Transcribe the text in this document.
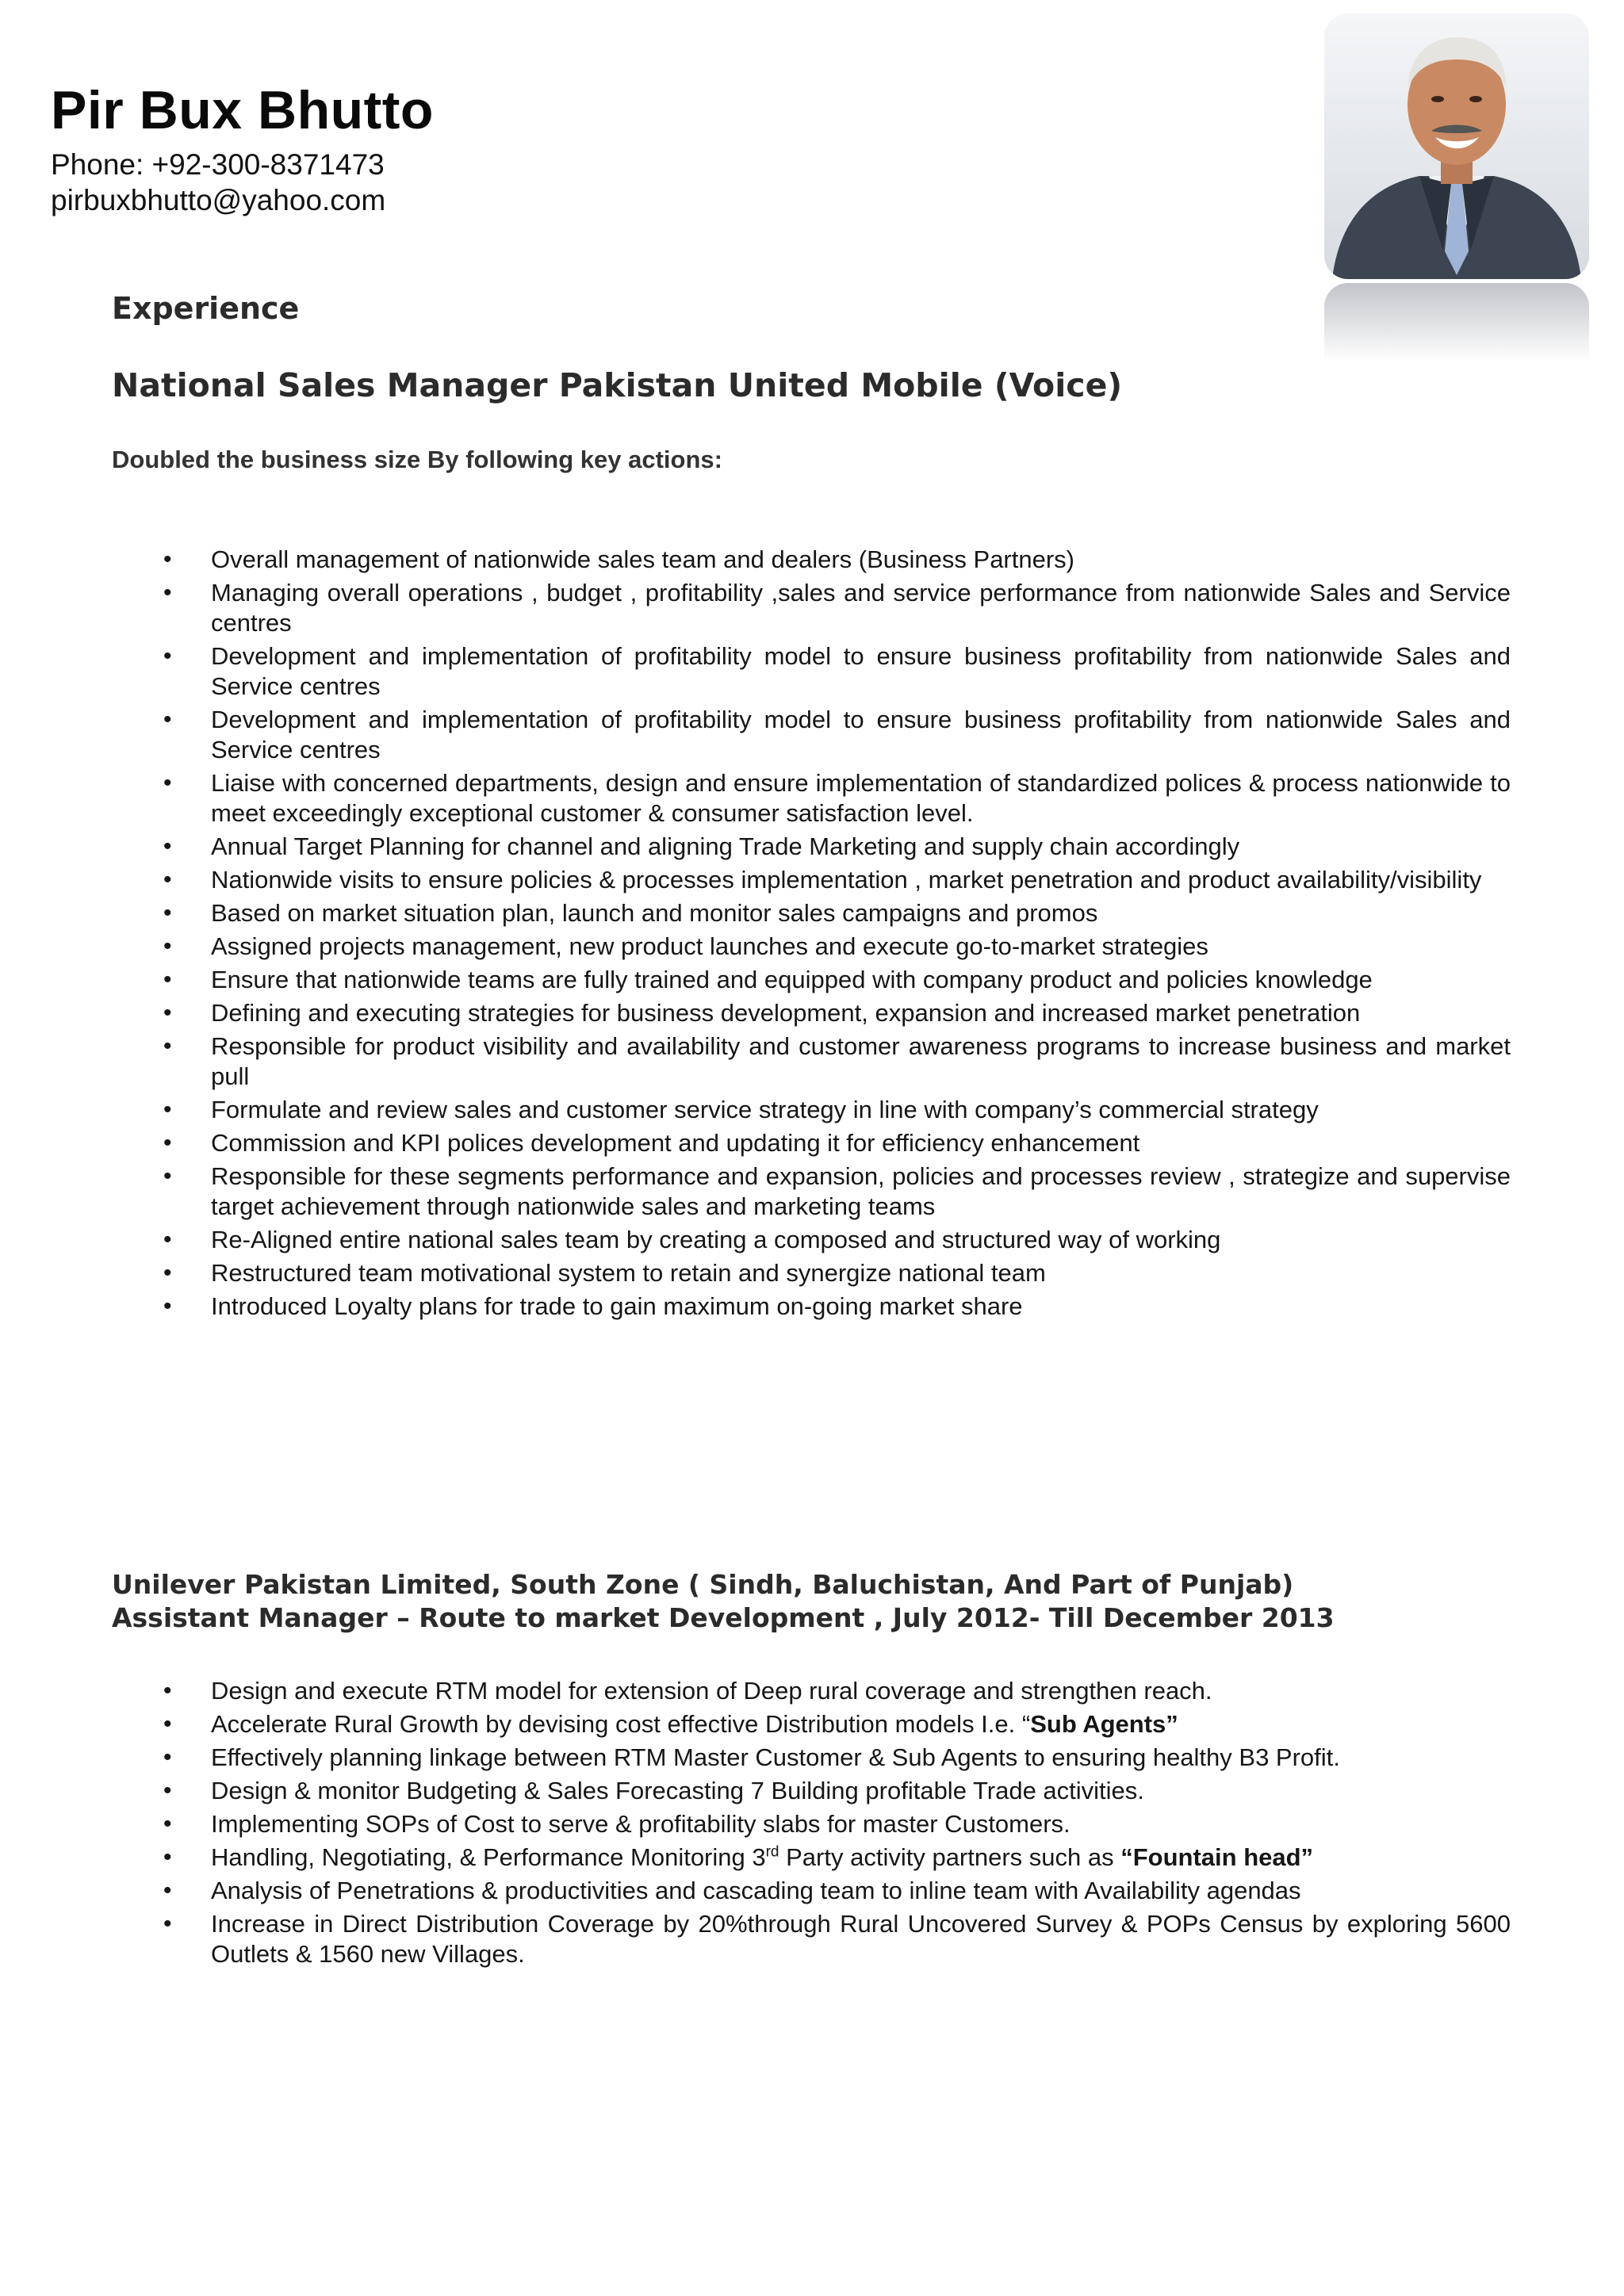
Pir Bux Bhutto

Phone: +92-300-8371473

pirbuxbhutto@yahoo.com

Experience
National Sales Manager Pakistan United Mobile (Voice)

Doubled the business size By following key actions:

• Overall management of nationwide sales team and dealers (Business Partners)
• Managing overall operations , budget , profitability ,sales and service performance from nationwide Sales and Service centres
• Development and implementation of profitability model to ensure business profitability from nationwide Sales and Service centres
• Development and implementation of profitability model to ensure business profitability from nationwide Sales and Service centres
• Liaise with concerned departments, design and ensure implementation of standardized polices & process nationwide to meet exceedingly exceptional customer & consumer satisfaction level.
• Annual Target Planning for channel and aligning Trade Marketing and supply chain accordingly
• Nationwide visits to ensure policies & processes implementation , market penetration and product availability/visibility
• Based on market situation plan, launch and monitor sales campaigns and promos
• Assigned projects management, new product launches and execute go-to-market strategies
• Ensure that nationwide teams are fully trained and equipped with company product and policies knowledge
• Defining and executing strategies for business development, expansion and increased market penetration
• Responsible for product visibility and availability and customer awareness programs to increase business and market pull
• Formulate and review sales and customer service strategy in line with company’s commercial strategy
• Commission and KPI polices development and updating it for efficiency enhancement
• Responsible for these segments performance and expansion, policies and processes review , strategize and supervise target achievement through nationwide sales and marketing teams
• Re-Aligned entire national sales team by creating a composed and structured way of working
• Restructured team motivational system to retain and synergize national team
• Introduced Loyalty plans for trade to gain maximum on-going market share
Unilever Pakistan Limited, South Zone ( Sindh, Baluchistan, And Part of Punjab)
Assistant Manager – Route to market Development , July 2012- Till December 2013
• Design and execute RTM model for extension of Deep rural coverage and strengthen reach.
• Accelerate Rural Growth by devising cost effective Distribution models I.e. “Sub Agents”
• Effectively planning linkage between RTM Master Customer & Sub Agents to ensuring healthy B3 Profit.
• Design & monitor Budgeting & Sales Forecasting 7 Building profitable Trade activities.
• Implementing SOPs of Cost to serve & profitability slabs for master Customers.
• Handling, Negotiating, & Performance Monitoring 3rd Party activity partners such as “Fountain head”
• Analysis of Penetrations & productivities and cascading team to inline team with Availability agendas
• Increase in Direct Distribution Coverage by 20%through Rural Uncovered Survey & POPs Census by exploring 5600 Outlets & 1560 new Villages.
